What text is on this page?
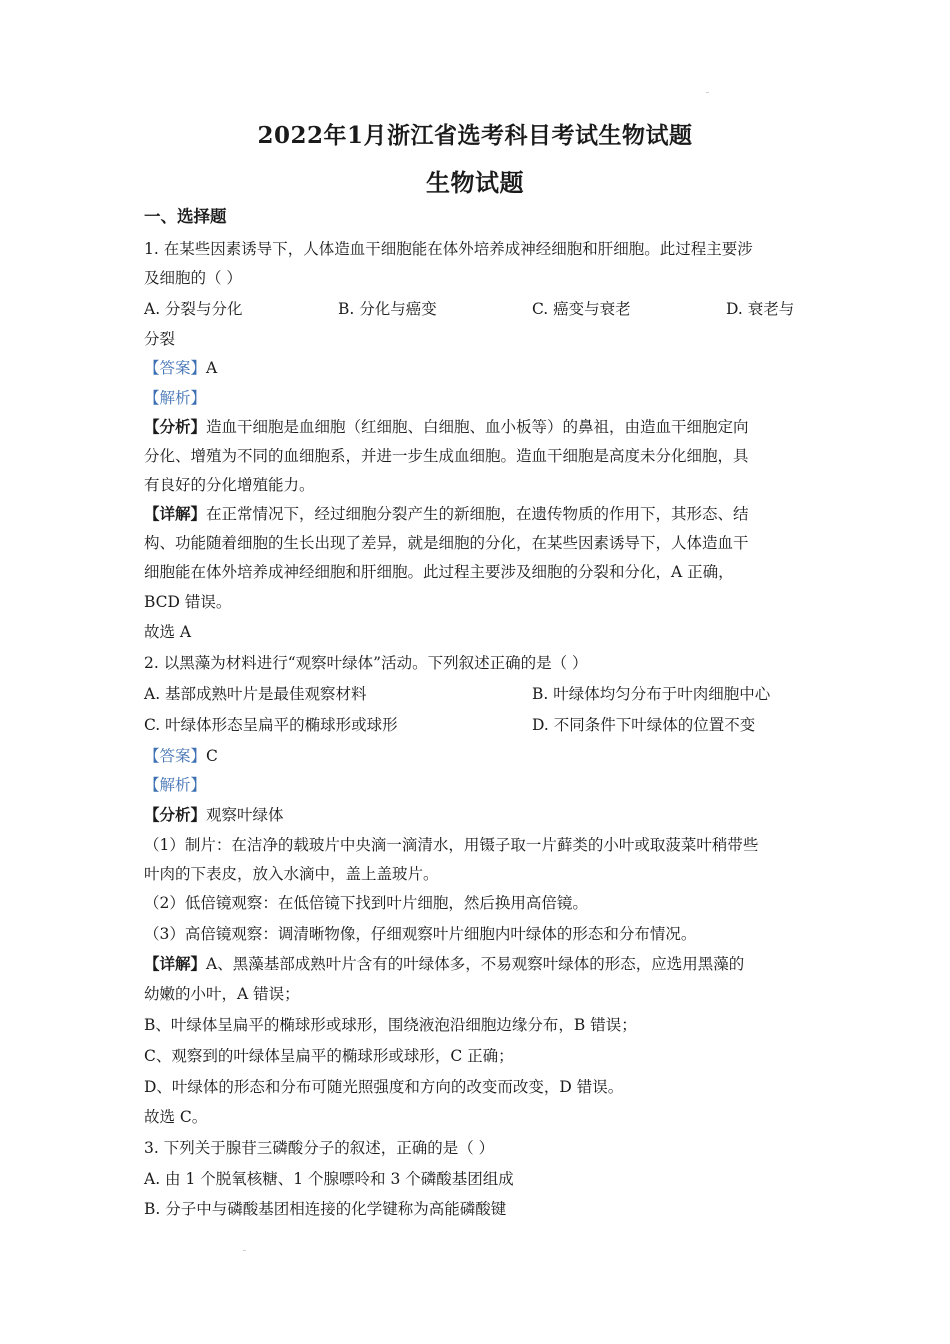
2022年1月浙江省选考科目考试生物试题
生物试题
一、选择题
1. 在某些因素诱导下，人体造血干细胞能在体外培养成神经细胞和肝细胞。此过程主要涉
及细胞的（ ）
A. 分裂与分化	B. 分化与癌变	C. 癌变与衰老	D. 衰老与
分裂
【答案】A
【解析】
【分析】造血干细胞是血细胞（红细胞、白细胞、血小板等）的鼻祖，由造血干细胞定向
分化、增殖为不同的血细胞系，并进一步生成血细胞。造血干细胞是高度未分化细胞，具
有良好的分化增殖能力。
【详解】在正常情况下，经过细胞分裂产生的新细胞，在遗传物质的作用下，其形态、结
构、功能随着细胞的生长出现了差异，就是细胞的分化，在某些因素诱导下，人体造血干
细胞能在体外培养成神经细胞和肝细胞。此过程主要涉及细胞的分裂和分化，A 正确，
BCD 错误。
故选 A
2. 以黑藻为材料进行“观察叶绿体”活动。下列叙述正确的是（ ）
A. 基部成熟叶片是最佳观察材料	B. 叶绿体均匀分布于叶肉细胞中心
C. 叶绿体形态呈扁平的椭球形或球形	D. 不同条件下叶绿体的位置不变
【答案】C
【解析】
【分析】观察叶绿体
（1）制片：在洁净的载玻片中央滴一滴清水，用镊子取一片藓类的小叶或取菠菜叶稍带些
叶肉的下表皮，放入水滴中，盖上盖玻片。
（2）低倍镜观察：在低倍镜下找到叶片细胞，然后换用高倍镜。
（3）高倍镜观察：调清晰物像，仔细观察叶片细胞内叶绿体的形态和分布情况。
【详解】A、黑藻基部成熟叶片含有的叶绿体多，不易观察叶绿体的形态，应选用黑藻的
幼嫩的小叶，A 错误；
B、叶绿体呈扁平的椭球形或球形，围绕液泡沿细胞边缘分布，B 错误；
C、观察到的叶绿体呈扁平的椭球形或球形，C 正确；
D、叶绿体的形态和分布可随光照强度和方向的改变而改变，D 错误。
故选 C。
3. 下列关于腺苷三磷酸分子的叙述，正确的是（ ）
A. 由 1 个脱氧核糖、1 个腺嘌呤和 3 个磷酸基团组成
B. 分子中与磷酸基团相连接的化学键称为高能磷酸键
